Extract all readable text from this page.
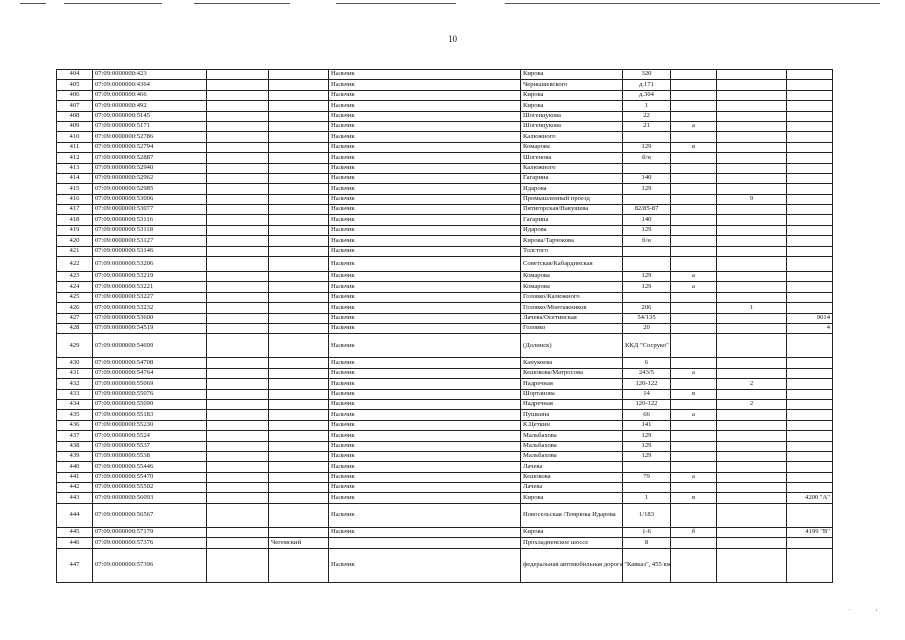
10
404	07:09:0000000:423			Нальчик	Кирова	320			
405	07:09:0000000:4364			Нальчик	Чернышевского	д.171			
406	07:09:0000000:466			Нальчик	Кирова	д.304			
407	07:09:0000000:492			Нальчик	Кирова	1			
408	07:09:0000000:5145			Нальчик	Шогенцукова	22			
409	07:09:0000000:5171			Нальчик	Шогенцукова	21	а		
410	07:09:0000000:52786			Нальчик	Калюжного				
411	07:09:0000000:52794			Нальчик	Комарова	129	в		
412	07:09:0000000:52887			Нальчик	Шогенова	б/н			
413	07:09:0000000:52940			Нальчик	Калюжного				
414	07:09:0000000:52962			Нальчик	Гагарина	140			
415	07:09:0000000:52985			Нальчик	Идарова	129			
416	07:09:0000000:53006			Нальчик	Промышленный проезд			9	
417	07:09:0000000:53077			Нальчик	Пятигорская/Накушева	82/85-87			
418	07:09:0000000:53116			Нальчик	Гагарина	140			
419	07:09:0000000:53118			Нальчик	Идарова	129			
420	07:09:0000000:53127			Нальчик	Кирова/Тарчокова	б/н			
421	07:09:0000000:53146			Нальчик	Толстого				
422	07:09:0000000:53206			Нальчик	Советская/Кабардинская				
423	07:09:0000000:53219			Нальчик	Комарова	129	а		
424	07:09:0000000:53221			Нальчик	Комарова	129	а		
425	07:09:0000000:53227			Нальчик	Головко/Калюжного				
426	07:09:0000000:53232			Нальчик	Головко/Монтажников	206		1	
427	07:09:0000000:53600			Нальчик	Лачева/Осетинская	54/135			9014
428	07:09:0000000:54519			Нальчик	Головко	20			4
429	07:09:0000000:54699			Нальчик	(Долинск)	ККД "Сосруко"			
430	07:09:0000000:54708			Нальчик	Канукоева	6			
431	07:09:0000000:54764			Нальчик	Кешокова/Матросова	243/5	а		
432	07:09:0000000:55069			Нальчик	Надречная	120-122		2	
433	07:09:0000000:55076			Нальчик	Шортанова	14	в		
434	07:09:0000000:55090			Нальчик	Надречная	120-122		2	
435	07:09:0000000:55183			Нальчик	Пушкина	66	а		
436	07:09:0000000:55230			Нальчик	К.Цеткин	141			
437	07:09:0000000:5524			Нальчик	Мальбахова	129			
438	07:09:0000000:5537			Нальчик	Мальбахова	129			
439	07:09:0000000:5538			Нальчик	Мальбахова	129			
440	07:09:0000000:55446			Нальчик	Лачева				
441	07:09:0000000:55470			Нальчик	Кешокова	79	а		
442	07:09:0000000:55502			Нальчик	Лачева				
443	07:09:0000000:56093			Нальчик	Кирова	1	в		4200 "А"
444	07:09:0000000:56567			Нальчик	Новосельская /Темрюка Идарова	1/183			
445	07:09:0000000:57179			Нальчик	Кирова	1-6	б		4199 "В"
446	07:09:0000000:57376		Чегемский		Прохладненское шоссе	8			
447	07:09:0000000:57396			Нальчик	федеральная автомобильная дорога "Кавказ", 455 км				
.	,
